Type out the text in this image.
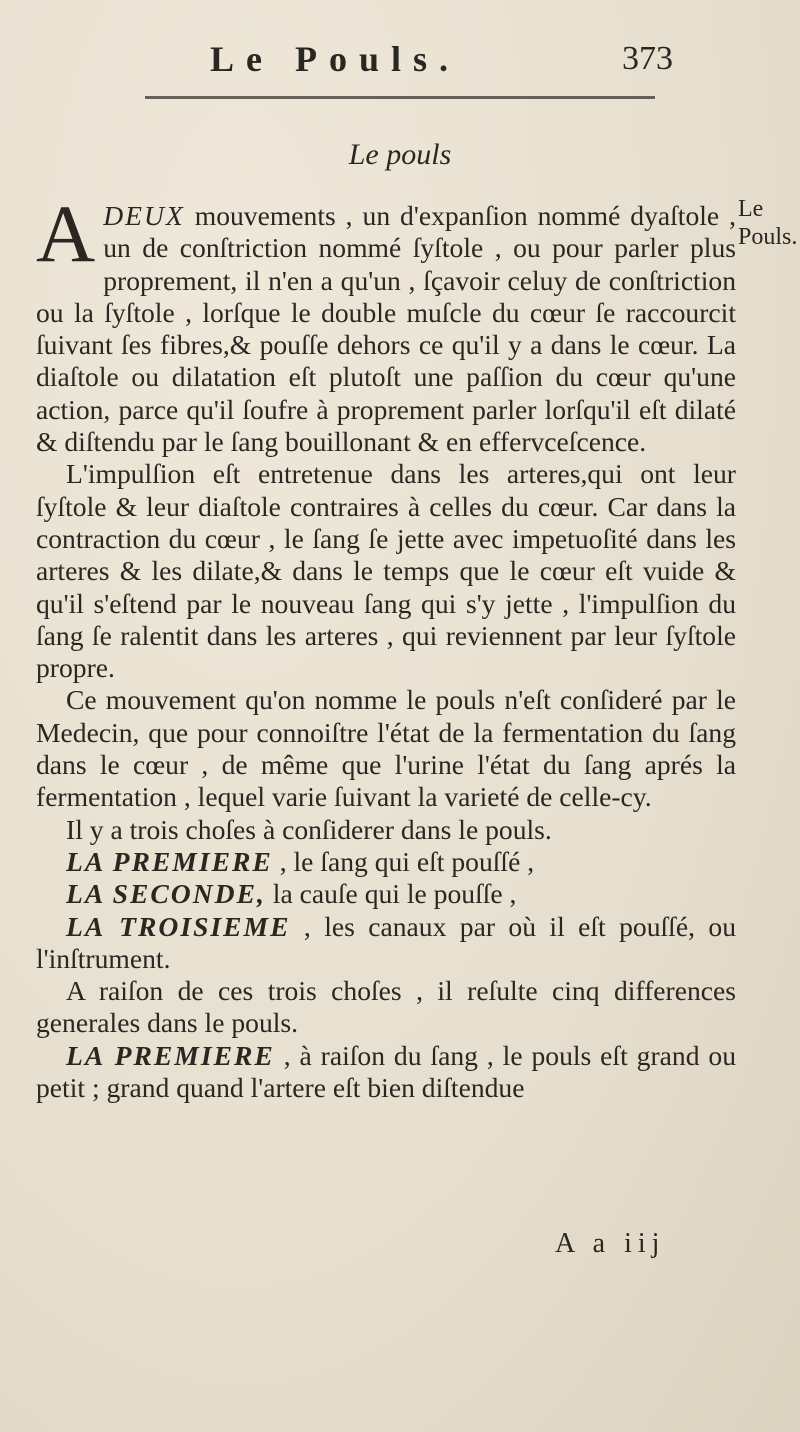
Le Pouls.	373
Le pouls
Le Pouls.

ADEUX mouvements , un d'expanſion nommé dyaſtole , un de conſtriction nommé ſyſtole , ou pour parler plus proprement, il n'en a qu'un , ſçavoir celuy de conſtriction ou la ſyſtole , lorſque le double muſcle du cœur ſe raccourcit ſuivant ſes fibres,& pouſſe dehors ce qu'il y a dans le cœur. La diaſtole ou dilatation eſt plutoſt une paſſion du cœur qu'une action, parce qu'il ſoufre à proprement parler lorſqu'il eſt dilaté & diſtendu par le ſang bouillonant & en effervceſcence.

L'impulſion eſt entretenue dans les arteres,qui ont leur ſyſtole & leur diaſtole contraires à celles du cœur. Car dans la contraction du cœur , le ſang ſe jette avec impetuoſité dans les arteres & les dilate,& dans le temps que le cœur eſt vuide & qu'il s'eſtend par le nouveau ſang qui s'y jette , l'impulſion du ſang ſe ralentit dans les arteres , qui reviennent par leur ſyſtole propre.

Ce mouvement qu'on nomme le pouls n'eſt conſideré par le Medecin, que pour connoiſtre l'état de la fermentation du ſang dans le cœur , de même que l'urine l'état du ſang aprés la fermentation , lequel varie ſuivant la varieté de celle-cy.

Il y a trois choſes à conſiderer dans le pouls.

LA PREMIERE , le ſang qui eſt pouſſé ,

LA SECONDE, la cauſe qui le pouſſe ,

LA TROISIEME , les canaux par où il eſt pouſſé, ou l'inſtrument.

A raiſon de ces trois choſes , il reſulte cinq differences generales dans le pouls.

LA PREMIERE , à raiſon du ſang , le pouls eſt grand ou petit ; grand quand l'artere eſt bien diſtendue

A a iij
